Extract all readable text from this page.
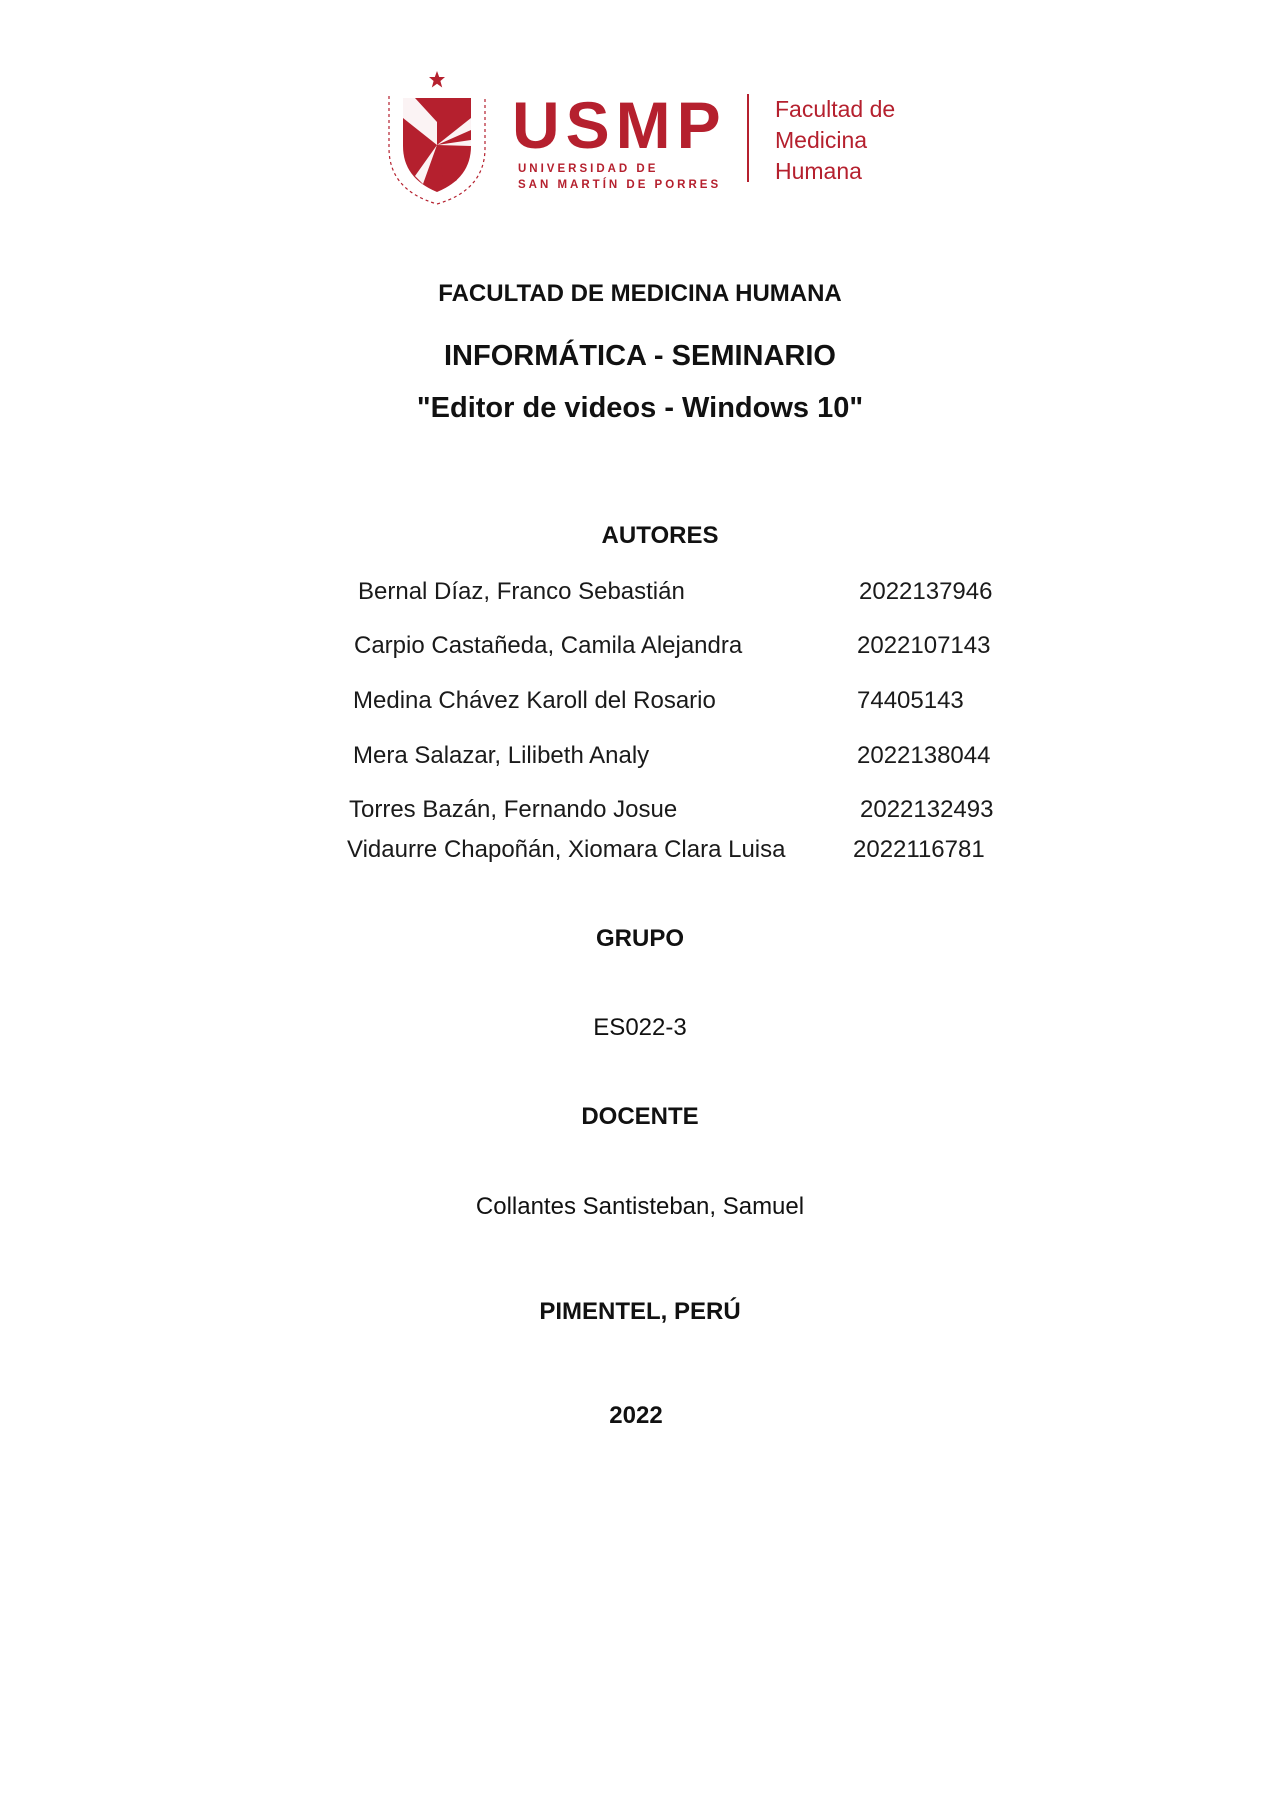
USMP
UNIVERSIDAD DE
SAN MARTÍN DE PORRES
Facultad de
Medicina
Humana
FACULTAD DE MEDICINA HUMANA
INFORMÁTICA - SEMINARIO
"Editor de videos - Windows 10"
AUTORES
Bernal Díaz, Franco Sebastián	2022137946
Carpio Castañeda, Camila Alejandra	2022107143
Medina Chávez Karoll del Rosario	74405143
Mera Salazar, Lilibeth Analy	2022138044
Torres Bazán, Fernando Josue	2022132493
Vidaurre Chapoñán, Xiomara Clara Luisa	2022116781
GRUPO
ES022-3
DOCENTE
Collantes Santisteban, Samuel
PIMENTEL, PERÚ
2022
